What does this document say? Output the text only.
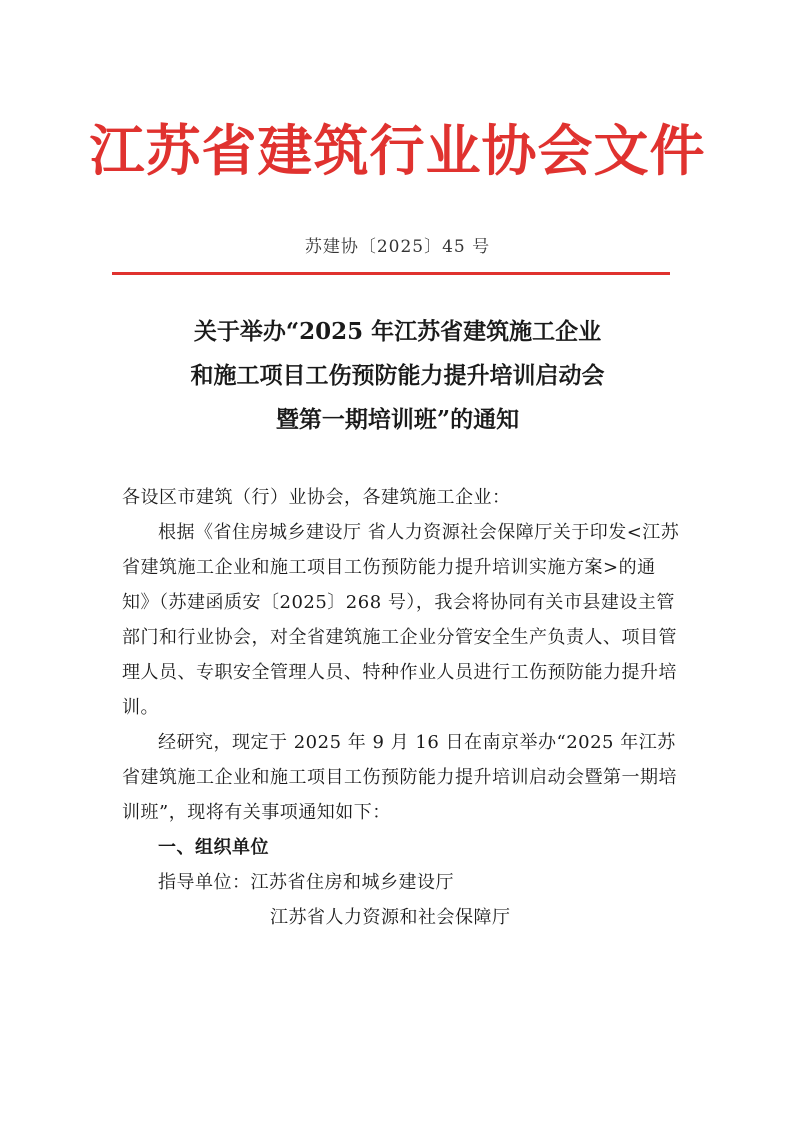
江苏省建筑行业协会文件
苏建协〔2025〕45 号
关于举办“2025 年江苏省建筑施工企业
和施工项目工伤预防能力提升培训启动会
暨第一期培训班”的通知

各设区市建筑（行）业协会，各建筑施工企业：

根据《省住房城乡建设厅 省人力资源社会保障厅关于印发<江苏省建筑施工企业和施工项目工伤预防能力提升培训实施方案>的通知》（苏建函质安〔2025〕268 号），我会将协同有关市县建设主管部门和行业协会，对全省建筑施工企业分管安全生产负责人、项目管理人员、专职安全管理人员、特种作业人员进行工伤预防能力提升培训。

经研究，现定于 2025 年 9 月 16 日在南京举办“2025 年江苏省建筑施工企业和施工项目工伤预防能力提升培训启动会暨第一期培训班”，现将有关事项通知如下：

一、组织单位

指导单位：江苏省住房和城乡建设厅

江苏省人力资源和社会保障厅
